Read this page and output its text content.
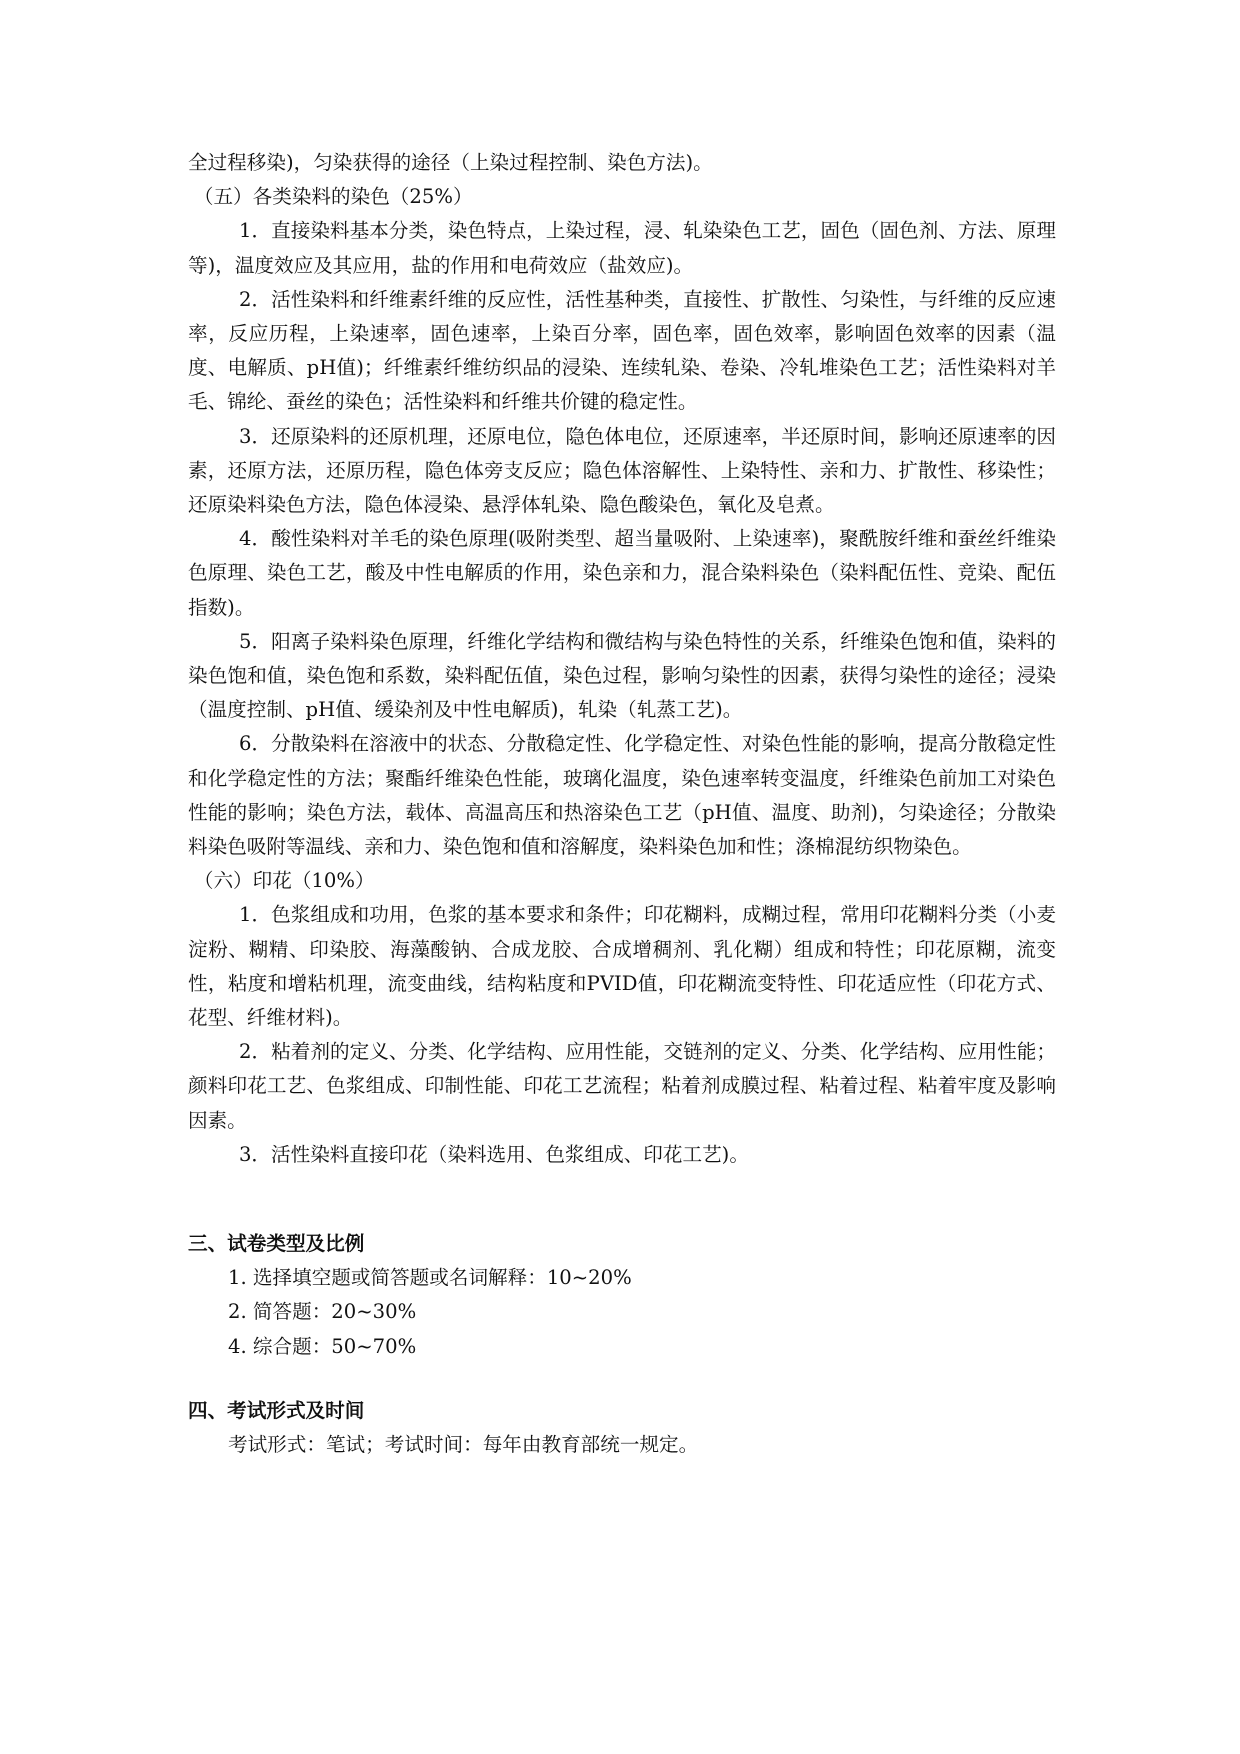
全过程移染)，匀染获得的途径（上染过程控制、染色方法)。

（五）各类染料的染色（25%）

1．直接染料基本分类，染色特点，上染过程，浸、轧染染色工艺，固色（固色剂、方法、原理等)，温度效应及其应用，盐的作用和电荷效应（盐效应)。

2．活性染料和纤维素纤维的反应性，活性基种类，直接性、扩散性、匀染性，与纤维的反应速率，反应历程，上染速率，固色速率，上染百分率，固色率，固色效率，影响固色效率的因素（温度、电解质、pH值)；纤维素纤维纺织品的浸染、连续轧染、卷染、冷轧堆染色工艺；活性染料对羊毛、锦纶、蚕丝的染色；活性染料和纤维共价键的稳定性。

3．还原染料的还原机理，还原电位，隐色体电位，还原速率，半还原时间，影响还原速率的因素，还原方法，还原历程，隐色体旁支反应；隐色体溶解性、上染特性、亲和力、扩散性、移染性；还原染料染色方法，隐色体浸染、悬浮体轧染、隐色酸染色，氧化及皂煮。

4．酸性染料对羊毛的染色原理(吸附类型、超当量吸附、上染速率)，聚酰胺纤维和蚕丝纤维染色原理、染色工艺，酸及中性电解质的作用，染色亲和力，混合染料染色（染料配伍性、竞染、配伍指数)。

5．阳离子染料染色原理，纤维化学结构和微结构与染色特性的关系，纤维染色饱和值，染料的染色饱和值，染色饱和系数，染料配伍值，染色过程，影响匀染性的因素，获得匀染性的途径；浸染（温度控制、pH值、缓染剂及中性电解质)，轧染（轧蒸工艺)。

6．分散染料在溶液中的状态、分散稳定性、化学稳定性、对染色性能的影响，提高分散稳定性和化学稳定性的方法；聚酯纤维染色性能，玻璃化温度，染色速率转变温度，纤维染色前加工对染色性能的影响；染色方法，载体、高温高压和热溶染色工艺（pH值、温度、助剂)，匀染途径；分散染料染色吸附等温线、亲和力、染色饱和值和溶解度，染料染色加和性；涤棉混纺织物染色。

（六）印花（10%）

1．色浆组成和功用，色浆的基本要求和条件；印花糊料，成糊过程，常用印花糊料分类（小麦淀粉、糊精、印染胶、海藻酸钠、合成龙胶、合成增稠剂、乳化糊）组成和特性；印花原糊，流变性，粘度和增粘机理，流变曲线，结构粘度和PVID值，印花糊流变特性、印花适应性（印花方式、花型、纤维材料)。

2．粘着剂的定义、分类、化学结构、应用性能，交链剂的定义、分类、化学结构、应用性能；颜料印花工艺、色浆组成、印制性能、印花工艺流程；粘着剂成膜过程、粘着过程、粘着牢度及影响因素。

3．活性染料直接印花（染料选用、色浆组成、印花工艺)。

三、试卷类型及比例

1. 选择填空题或简答题或名词解释：10~20%

2. 简答题：20~30%

4. 综合题：50~70%

四、考试形式及时间

考试形式：笔试；考试时间：每年由教育部统一规定。
